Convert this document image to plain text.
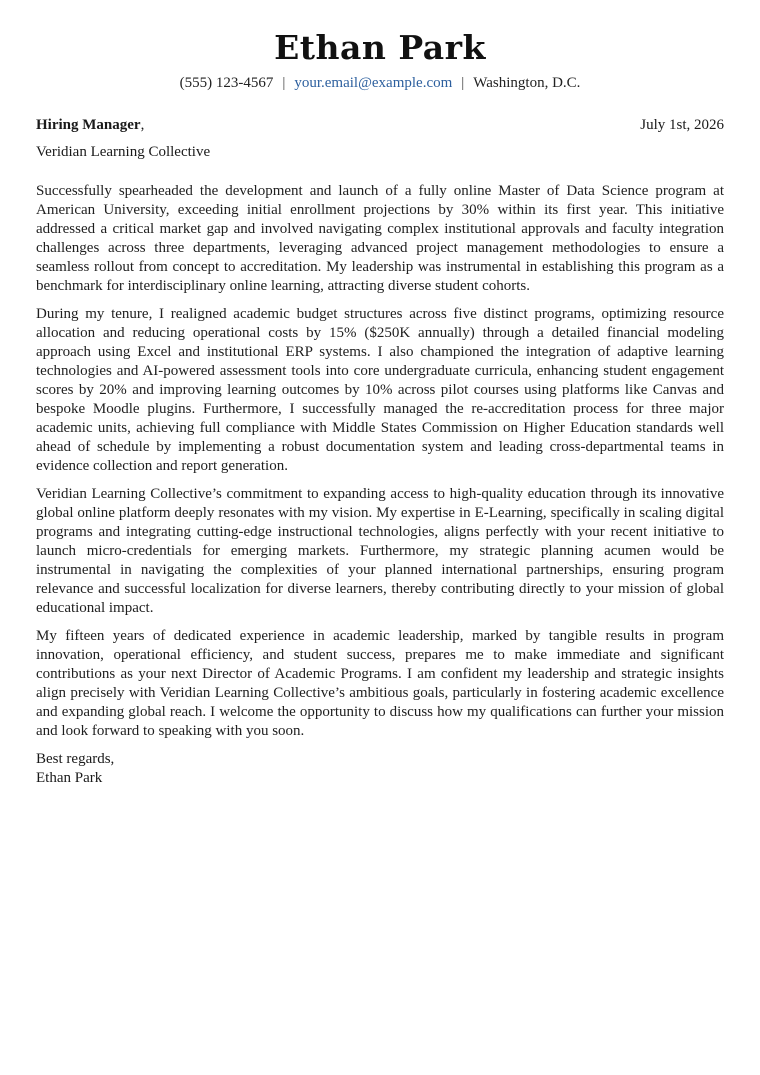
Ethan Park
(555) 123-4567 | your.email@example.com | Washington, D.C.
Hiring Manager,	July 1st, 2026
Veridian Learning Collective

Successfully spearheaded the development and launch of a fully online Master of Data Science program at American University, exceeding initial enrollment projections by 30% within its first year. This initiative addressed a critical market gap and involved navigating complex institutional approvals and faculty integration challenges across three departments, leveraging advanced project management methodologies to ensure a seamless rollout from concept to accreditation. My leadership was instrumental in establishing this program as a benchmark for interdisciplinary online learning, attracting diverse student cohorts.

During my tenure, I realigned academic budget structures across five distinct programs, optimizing resource allocation and reducing operational costs by 15% ($250K annually) through a detailed financial modeling approach using Excel and institutional ERP systems. I also championed the integration of adaptive learning technologies and AI-powered assessment tools into core undergraduate curricula, enhancing student engagement scores by 20% and improving learning outcomes by 10% across pilot courses using platforms like Canvas and bespoke Moodle plugins. Furthermore, I successfully managed the re-accreditation process for three major academic units, achieving full compliance with Middle States Commission on Higher Education standards well ahead of schedule by implementing a robust documentation system and leading cross-departmental teams in evidence collection and report generation.

Veridian Learning Collective’s commitment to expanding access to high-quality education through its innovative global online platform deeply resonates with my vision. My expertise in E-Learning, specifically in scaling digital programs and integrating cutting-edge instructional technologies, aligns perfectly with your recent initiative to launch micro-credentials for emerging markets. Furthermore, my strategic planning acumen would be instrumental in navigating the complexities of your planned international partnerships, ensuring program relevance and successful localization for diverse learners, thereby contributing directly to your mission of global educational impact.

My fifteen years of dedicated experience in academic leadership, marked by tangible results in program innovation, operational efficiency, and student success, prepares me to make immediate and significant contributions as your next Director of Academic Programs. I am confident my leadership and strategic insights align precisely with Veridian Learning Collective’s ambitious goals, particularly in fostering academic excellence and expanding global reach. I welcome the opportunity to discuss how my qualifications can further your mission and look forward to speaking with you soon.

Best regards,
Ethan Park
